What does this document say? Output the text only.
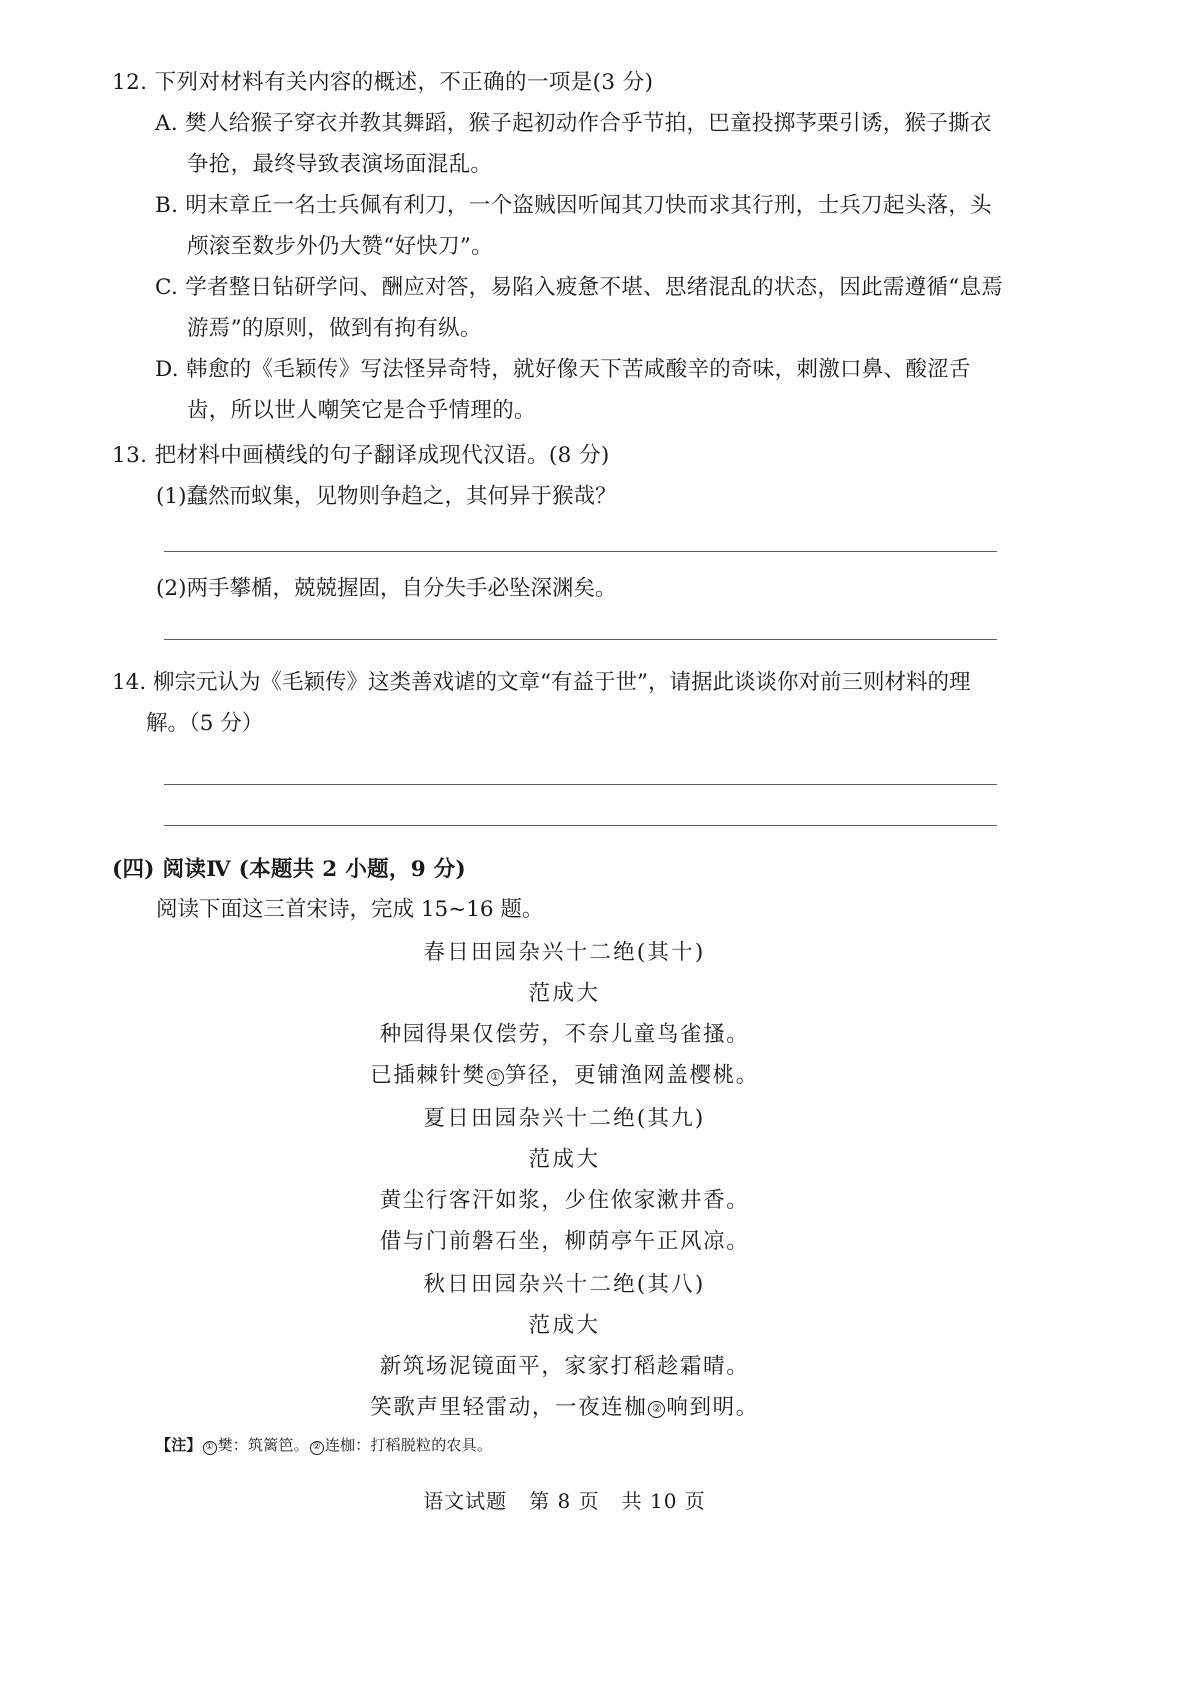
12. 下列对材料有关内容的概述，不正确的一项是(3 分)
A. 樊人给猴子穿衣并教其舞蹈，猴子起初动作合乎节拍，巴童投掷芧栗引诱，猴子撕衣
争抢，最终导致表演场面混乱。
B. 明末章丘一名士兵佩有利刀，一个盗贼因听闻其刀快而求其行刑，士兵刀起头落，头
颅滚至数步外仍大赞“好快刀”。
C. 学者整日钻研学问、酬应对答，易陷入疲惫不堪、思绪混乱的状态，因此需遵循“息焉
游焉”的原则，做到有拘有纵。
D. 韩愈的《毛颖传》写法怪异奇特，就好像天下苦咸酸辛的奇味，刺激口鼻、酸涩舌
齿，所以世人嘲笑它是合乎情理的。
13. 把材料中画横线的句子翻译成现代汉语。(8 分)
(1)蠢然而蚁集，见物则争趋之，其何异于猴哉？
(2)两手攀楯，兢兢握固，自分失手必坠深渊矣。
14. 柳宗元认为《毛颖传》这类善戏谑的文章“有益于世”，请据此谈谈你对前三则材料的理
解。（5 分）
(四) 阅读Ⅳ (本题共 2 小题，9 分)
阅读下面这三首宋诗，完成 15~16 题。
春日田园杂兴十二绝(其十)
范成大
种园得果仅偿劳，不奈儿童鸟雀搔。
已插棘针樊 ① 笋径，更铺渔网盖樱桃。
夏日田园杂兴十二绝(其九)
范成大
黄尘行客汗如浆，少住侬家漱井香。
借与门前磐石坐，柳荫亭午正风凉。
秋日田园杂兴十二绝(其八)
范成大
新筑场泥镜面平，家家打稻趁霜晴。
笑歌声里轻雷动，一夜连枷 ② 响到明。
【注】 ① 樊：筑篱笆。 ② 连枷：打稻脱粒的农具。
语文试题 第 8 页 共 10 页
